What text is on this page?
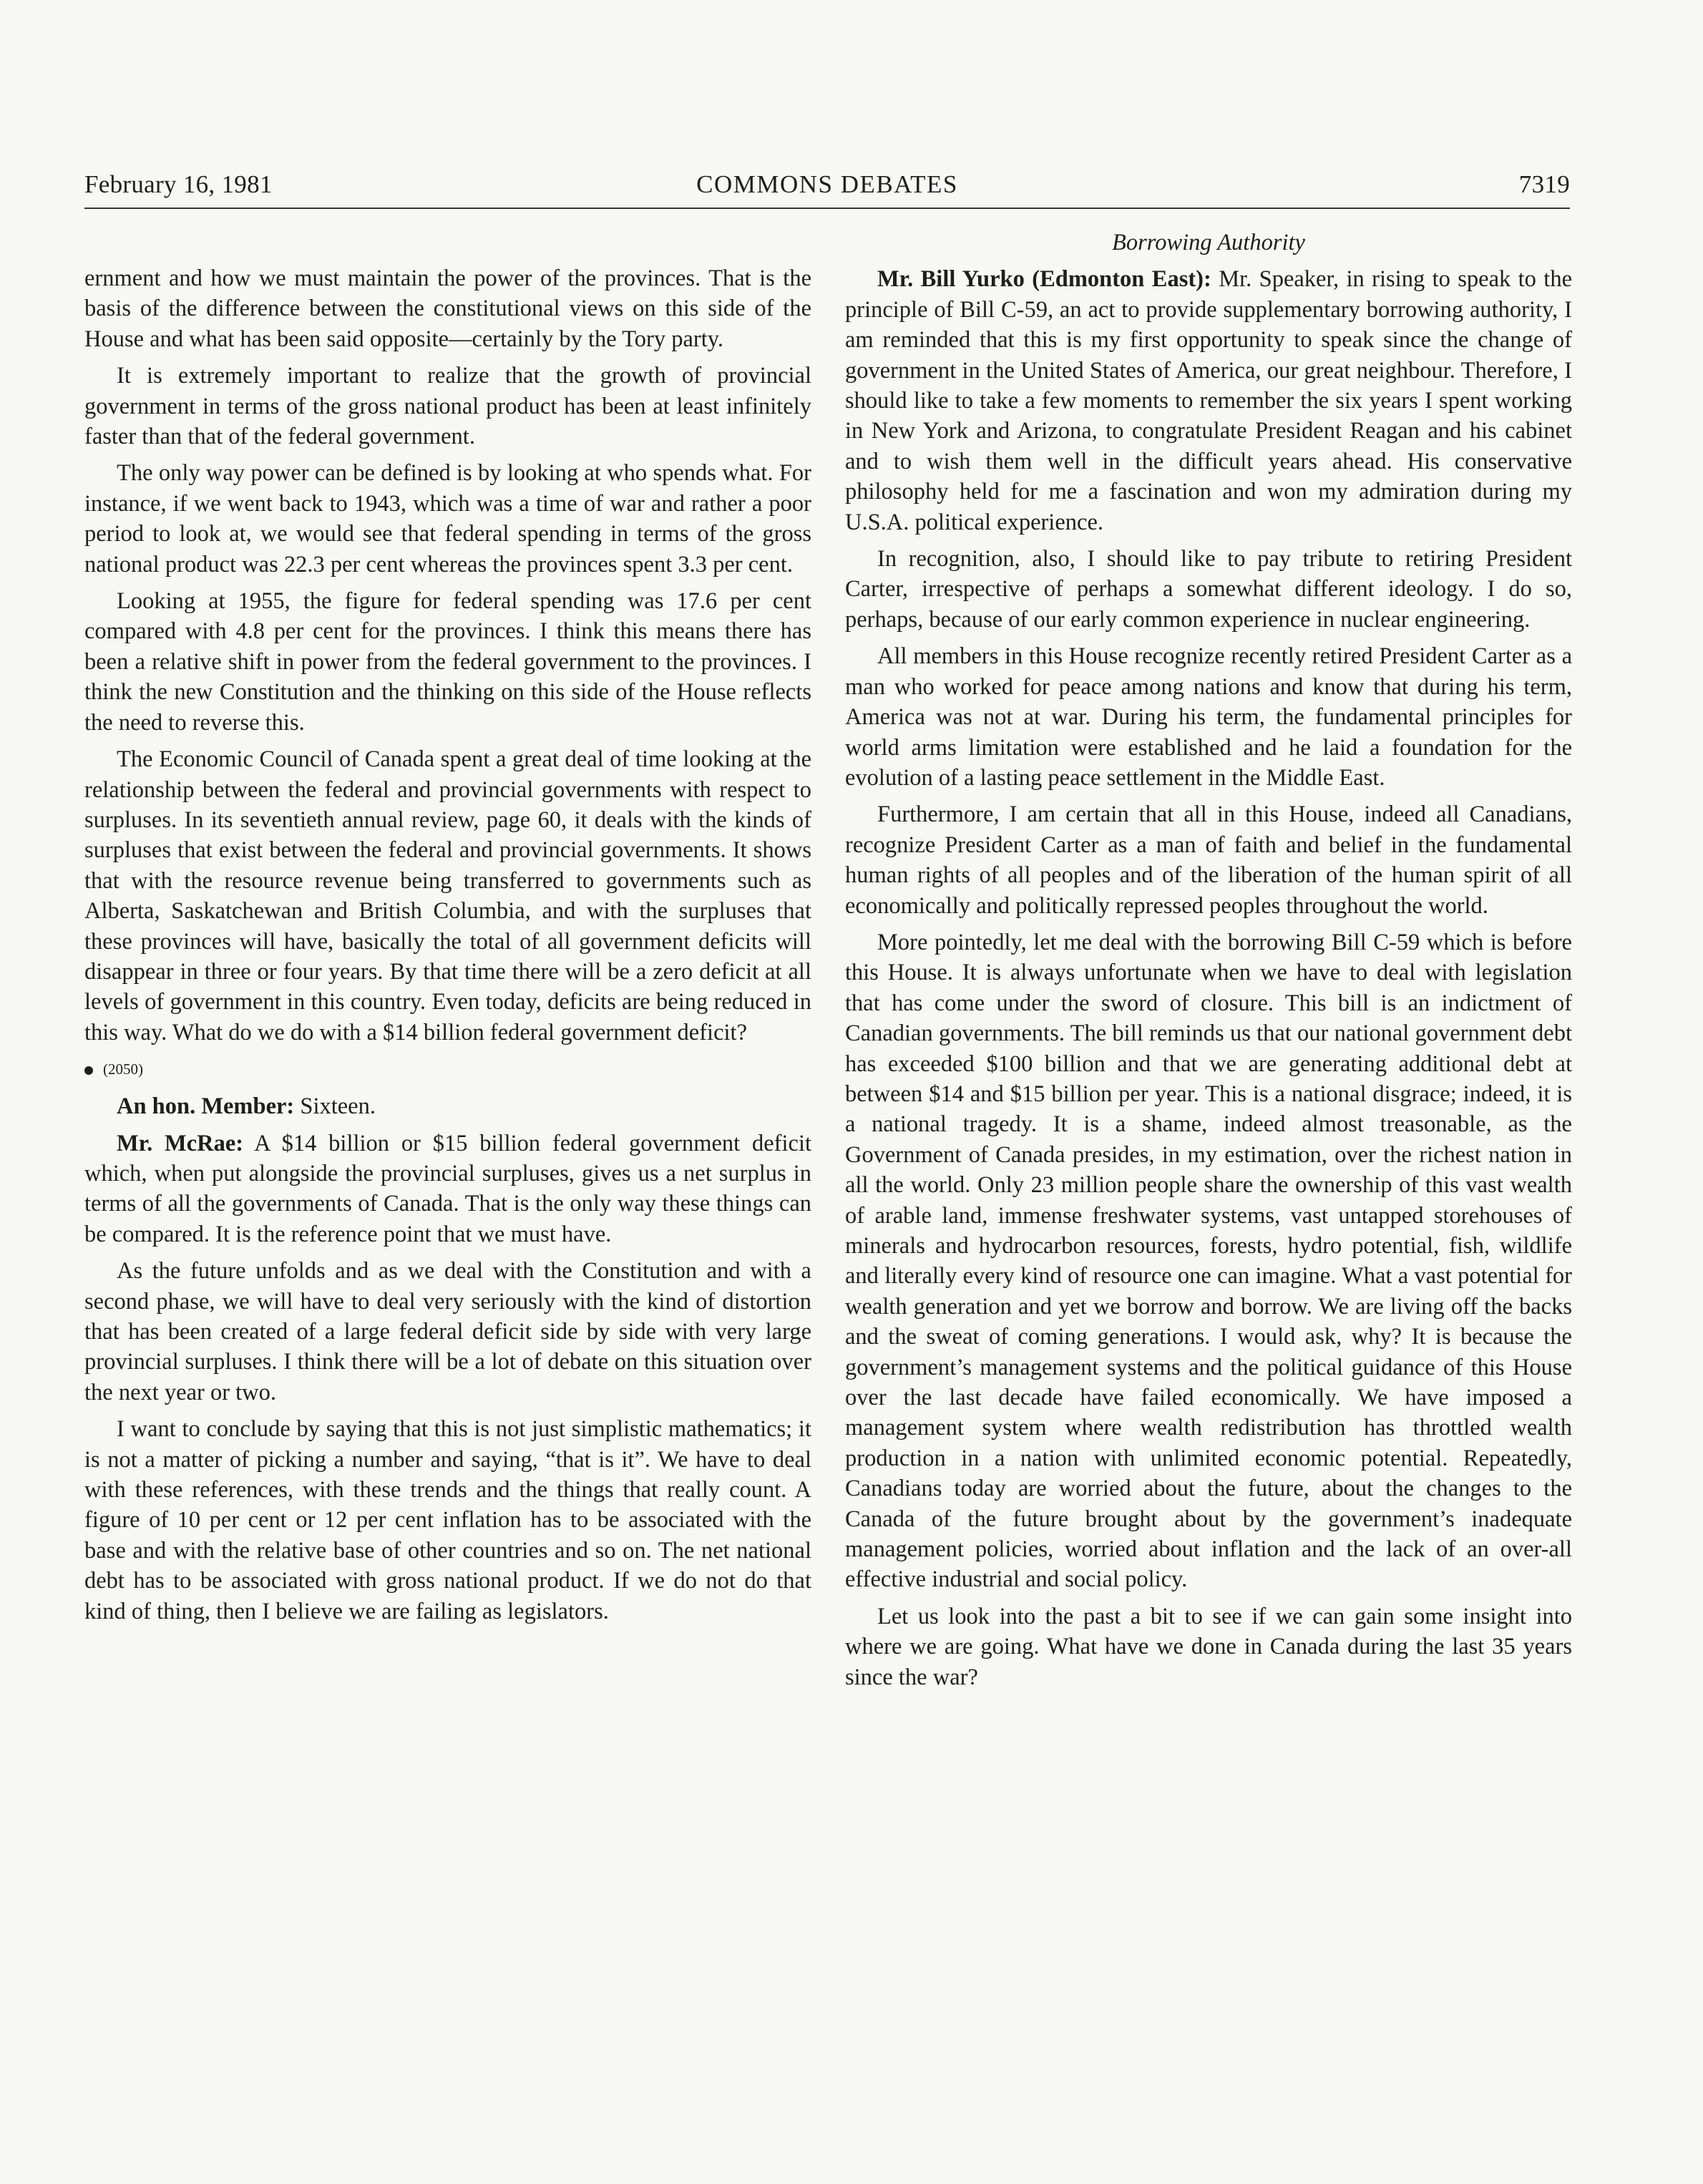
February 16, 1981	COMMONS DEBATES	7319

ernment and how we must maintain the power of the provinces. That is the basis of the difference between the constitutional views on this side of the House and what has been said opposite—certainly by the Tory party.

It is extremely important to realize that the growth of provincial government in terms of the gross national product has been at least infinitely faster than that of the federal government.

The only way power can be defined is by looking at who spends what. For instance, if we went back to 1943, which was a time of war and rather a poor period to look at, we would see that federal spending in terms of the gross national product was 22.3 per cent whereas the provinces spent 3.3 per cent.

Looking at 1955, the figure for federal spending was 17.6 per cent compared with 4.8 per cent for the provinces. I think this means there has been a relative shift in power from the federal government to the provinces. I think the new Constitution and the thinking on this side of the House reflects the need to reverse this.

The Economic Council of Canada spent a great deal of time looking at the relationship between the federal and provincial governments with respect to surpluses. In its seventieth annual review, page 60, it deals with the kinds of surpluses that exist between the federal and provincial governments. It shows that with the resource revenue being transferred to governments such as Alberta, Saskatchewan and British Columbia, and with the surpluses that these provinces will have, basically the total of all government deficits will disappear in three or four years. By that time there will be a zero deficit at all levels of government in this country. Even today, deficits are being reduced in this way. What do we do with a $14 billion federal government deficit?

(2050)

An hon. Member: Sixteen.

Mr. McRae: A $14 billion or $15 billion federal government deficit which, when put alongside the provincial surpluses, gives us a net surplus in terms of all the governments of Canada. That is the only way these things can be compared. It is the reference point that we must have.

As the future unfolds and as we deal with the Constitution and with a second phase, we will have to deal very seriously with the kind of distortion that has been created of a large federal deficit side by side with very large provincial surpluses. I think there will be a lot of debate on this situation over the next year or two.

I want to conclude by saying that this is not just simplistic mathematics; it is not a matter of picking a number and saying, “that is it”. We have to deal with these references, with these trends and the things that really count. A figure of 10 per cent or 12 per cent inflation has to be associated with the base and with the relative base of other countries and so on. The net national debt has to be associated with gross national product. If we do not do that kind of thing, then I believe we are failing as legislators.

Borrowing Authority

Mr. Bill Yurko (Edmonton East): Mr. Speaker, in rising to speak to the principle of Bill C-59, an act to provide supplementary borrowing authority, I am reminded that this is my first opportunity to speak since the change of government in the United States of America, our great neighbour. Therefore, I should like to take a few moments to remember the six years I spent working in New York and Arizona, to congratulate President Reagan and his cabinet and to wish them well in the difficult years ahead. His conservative philosophy held for me a fascination and won my admiration during my U.S.A. political experience.

In recognition, also, I should like to pay tribute to retiring President Carter, irrespective of perhaps a somewhat different ideology. I do so, perhaps, because of our early common experience in nuclear engineering.

All members in this House recognize recently retired President Carter as a man who worked for peace among nations and know that during his term, America was not at war. During his term, the fundamental principles for world arms limitation were established and he laid a foundation for the evolution of a lasting peace settlement in the Middle East.

Furthermore, I am certain that all in this House, indeed all Canadians, recognize President Carter as a man of faith and belief in the fundamental human rights of all peoples and of the liberation of the human spirit of all economically and politically repressed peoples throughout the world.

More pointedly, let me deal with the borrowing Bill C-59 which is before this House. It is always unfortunate when we have to deal with legislation that has come under the sword of closure. This bill is an indictment of Canadian governments. The bill reminds us that our national government debt has exceeded $100 billion and that we are generating additional debt at between $14 and $15 billion per year. This is a national disgrace; indeed, it is a national tragedy. It is a shame, indeed almost treasonable, as the Government of Canada presides, in my estimation, over the richest nation in all the world. Only 23 million people share the ownership of this vast wealth of arable land, immense freshwater systems, vast untapped storehouses of minerals and hydrocarbon resources, forests, hydro potential, fish, wildlife and literally every kind of resource one can imagine. What a vast potential for wealth generation and yet we borrow and borrow. We are living off the backs and the sweat of coming generations. I would ask, why? It is because the government’s management systems and the political guidance of this House over the last decade have failed economically. We have imposed a management system where wealth redistribution has throttled wealth production in a nation with unlimited economic potential. Repeatedly, Canadians today are worried about the future, about the changes to the Canada of the future brought about by the government’s inadequate management policies, worried about inflation and the lack of an over-all effective industrial and social policy.

Let us look into the past a bit to see if we can gain some insight into where we are going. What have we done in Canada during the last 35 years since the war?
